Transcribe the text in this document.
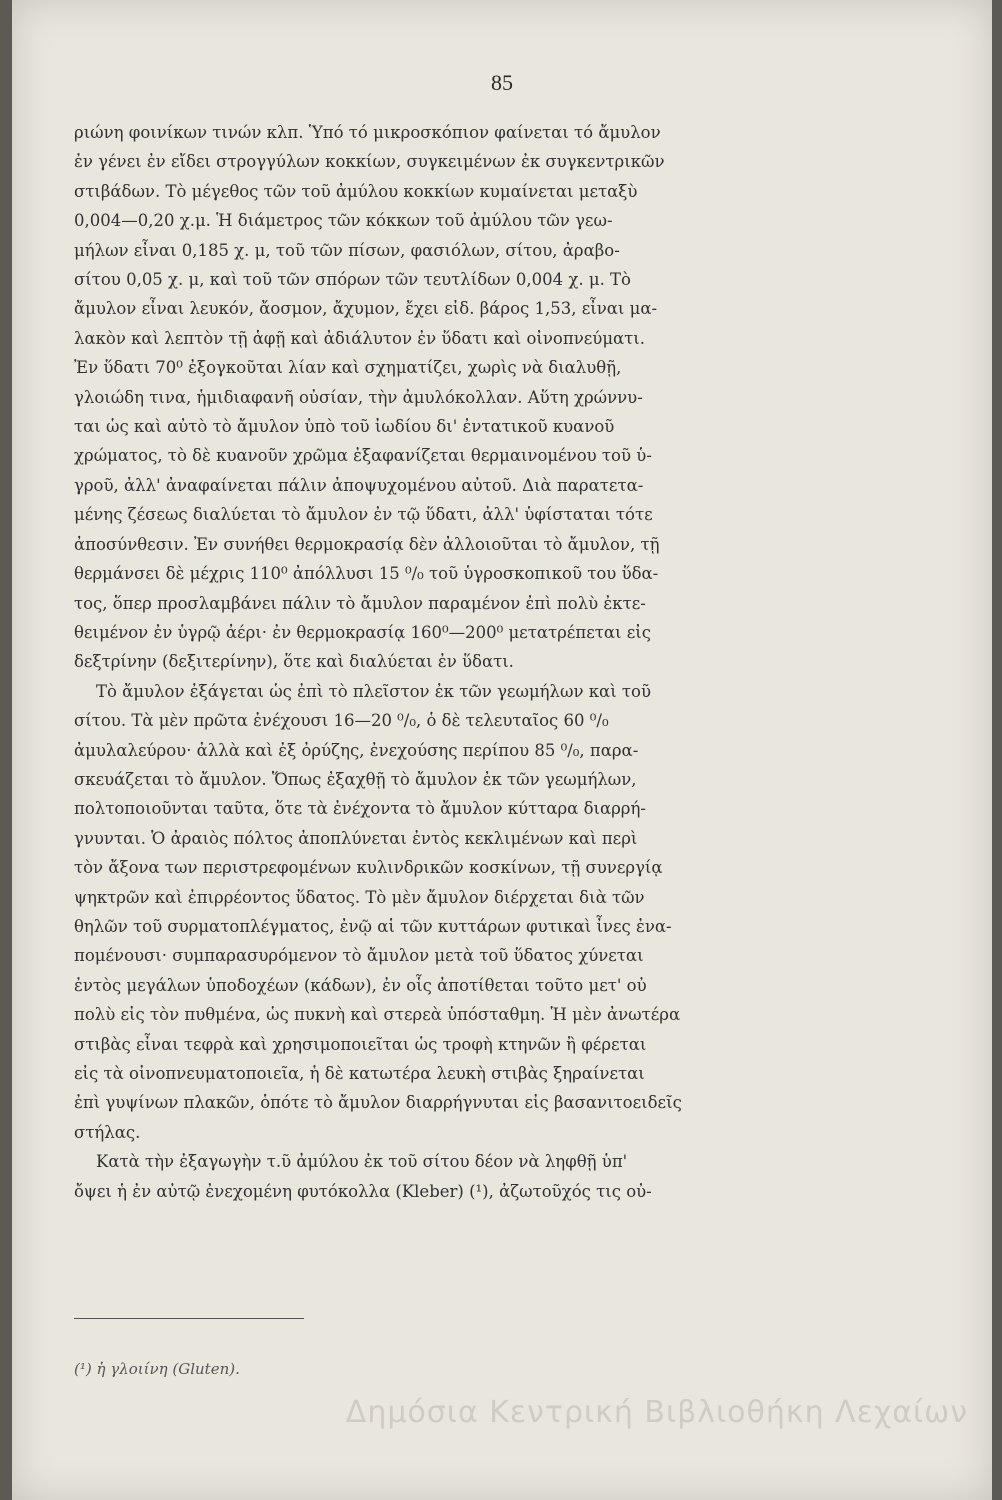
85
ριώνη φοινίκων τινών κλπ. Ὑπό τό μικροσκόπιον φαίνεται τό ἄμυλον
ἐν γένει ἐν εἴδει στρογγύλων κοκκίων, συγκειμένων ἐκ συγκεντρικῶν
στιβάδων. Τὸ μέγεθος τῶν τοῦ ἀμύλου κοκκίων κυμαίνεται μεταξὺ
0,004—0,20 χ.μ. Ἡ διάμετρος τῶν κόκκων τοῦ ἀμύλου τῶν γεω-
μήλων εἶναι 0,185 χ. μ, τοῦ τῶν πίσων, φασιόλων, σίτου, ἀραβο-
σίτου 0,05 χ. μ, καὶ τοῦ τῶν σπόρων τῶν τευτλίδων 0,004 χ. μ. Τὸ
ἄμυλον εἶναι λευκόν, ἄοσμον, ἄχυμον, ἔχει εἰδ. βάρος 1,53, εἶναι μα-
λακὸν καὶ λεπτὸν τῇ ἁφῇ καὶ ἀδιάλυτον ἐν ὕδατι καὶ οἰνοπνεύματι.
Ἐν ὕδατι 70⁰ ἐξογκοῦται λίαν καὶ σχηματίζει, χωρὶς νὰ διαλυθῇ,
γλοιώδη τινα, ἡμιδιαφανῆ οὐσίαν, τὴν ἀμυλόκολλαν. Αὕτη χρώννυ-
ται ὡς καὶ αὐτὸ τὸ ἄμυλον ὑπὸ τοῦ ἰωδίου δι' ἐντατικοῦ κυανοῦ
χρώματος, τὸ δὲ κυανοῦν χρῶμα ἐξαφανίζεται θερμαινομένου τοῦ ὑ-
γροῦ, ἀλλ' ἀναφαίνεται πάλιν ἀποψυχομένου αὐτοῦ. Διὰ παρατετα-
μένης ζέσεως διαλύεται τὸ ἄμυλον ἐν τῷ ὕδατι, ἀλλ' ὑφίσταται τότε
ἀποσύνθεσιν. Ἐν συνήθει θερμοκρασίᾳ δὲν ἀλλοιοῦται τὸ ἄμυλον, τῇ
θερμάνσει δὲ μέχρις 110⁰ ἀπόλλυσι 15 ⁰/₀ τοῦ ὑγροσκοπικοῦ του ὕδα-
τος, ὅπερ προσλαμβάνει πάλιν τὸ ἄμυλον παραμένον ἐπὶ πολὺ ἐκτε-
θειμένον ἐν ὑγρῷ ἀέρι· ἐν θερμοκρασίᾳ 160⁰—200⁰ μετατρέπεται εἰς
δεξτρίνην (δεξιτερίνην), ὅτε καὶ διαλύεται ἐν ὕδατι.
Τὸ ἄμυλον ἐξάγεται ὡς ἐπὶ τὸ πλεῖστον ἐκ τῶν γεωμήλων καὶ τοῦ
σίτου. Τὰ μὲν πρῶτα ἐνέχουσι 16—20 ⁰/₀, ὁ δὲ τελευταῖος 60 ⁰/₀
ἀμυλαλεύρου· ἀλλὰ καὶ ἐξ ὀρύζης, ἐνεχούσης περίπου 85 ⁰/₀, παρα-
σκευάζεται τὸ ἄμυλον. Ὅπως ἐξαχθῇ τὸ ἄμυλον ἐκ τῶν γεωμήλων,
πολτοποιοῦνται ταῦτα, ὅτε τὰ ἐνέχοντα τὸ ἄμυλον κύτταρα διαρρή-
γνυνται. Ὁ ἀραιὸς πόλτος ἀποπλύνεται ἐντὸς κεκλιμένων καὶ περὶ
τὸν ἄξονα των περιστρεφομένων κυλινδρικῶν κοσκίνων, τῇ συνεργίᾳ
ψηκτρῶν καὶ ἐπιρρέοντος ὕδατος. Τὸ μὲν ἄμυλον διέρχεται διὰ τῶν
θηλῶν τοῦ συρματοπλέγματος, ἐνῷ αἱ τῶν κυττάρων φυτικαὶ ἶνες ἐνα-
πομένουσι· συμπαρασυρόμενον τὸ ἄμυλον μετὰ τοῦ ὕδατος χύνεται
ἐντὸς μεγάλων ὑποδοχέων (κάδων), ἐν οἷς ἀποτίθεται τοῦτο μετ' οὐ
πολὺ εἰς τὸν πυθμένα, ὡς πυκνὴ καὶ στερεὰ ὑπόσταθμη. Ἡ μὲν ἀνωτέρα
στιβὰς εἶναι τεφρὰ καὶ χρησιμοποιεῖται ὡς τροφὴ κτηνῶν ἢ φέρεται
εἰς τὰ οἰνοπνευματοποιεῖα, ἡ δὲ κατωτέρα λευκὴ στιβὰς ξηραίνεται
ἐπὶ γυψίνων πλακῶν, ὁπότε τὸ ἄμυλον διαρρήγνυται εἰς βασανιτοειδεῖς
στήλας.
Κατὰ τὴν ἐξαγωγὴν τ.ῦ ἀμύλου ἐκ τοῦ σίτου δέον νὰ ληφθῇ ὑπ'
ὄψει ἡ ἐν αὐτῷ ἐνεχομένη φυτόκολλα (Kleber) (¹), ἀζωτοῦχός τις οὐ-
(¹) ἡ γλοιίνη (Gluten).
Δημόσια Κεντρική Βιβλιοθήκη Λεχαίων
